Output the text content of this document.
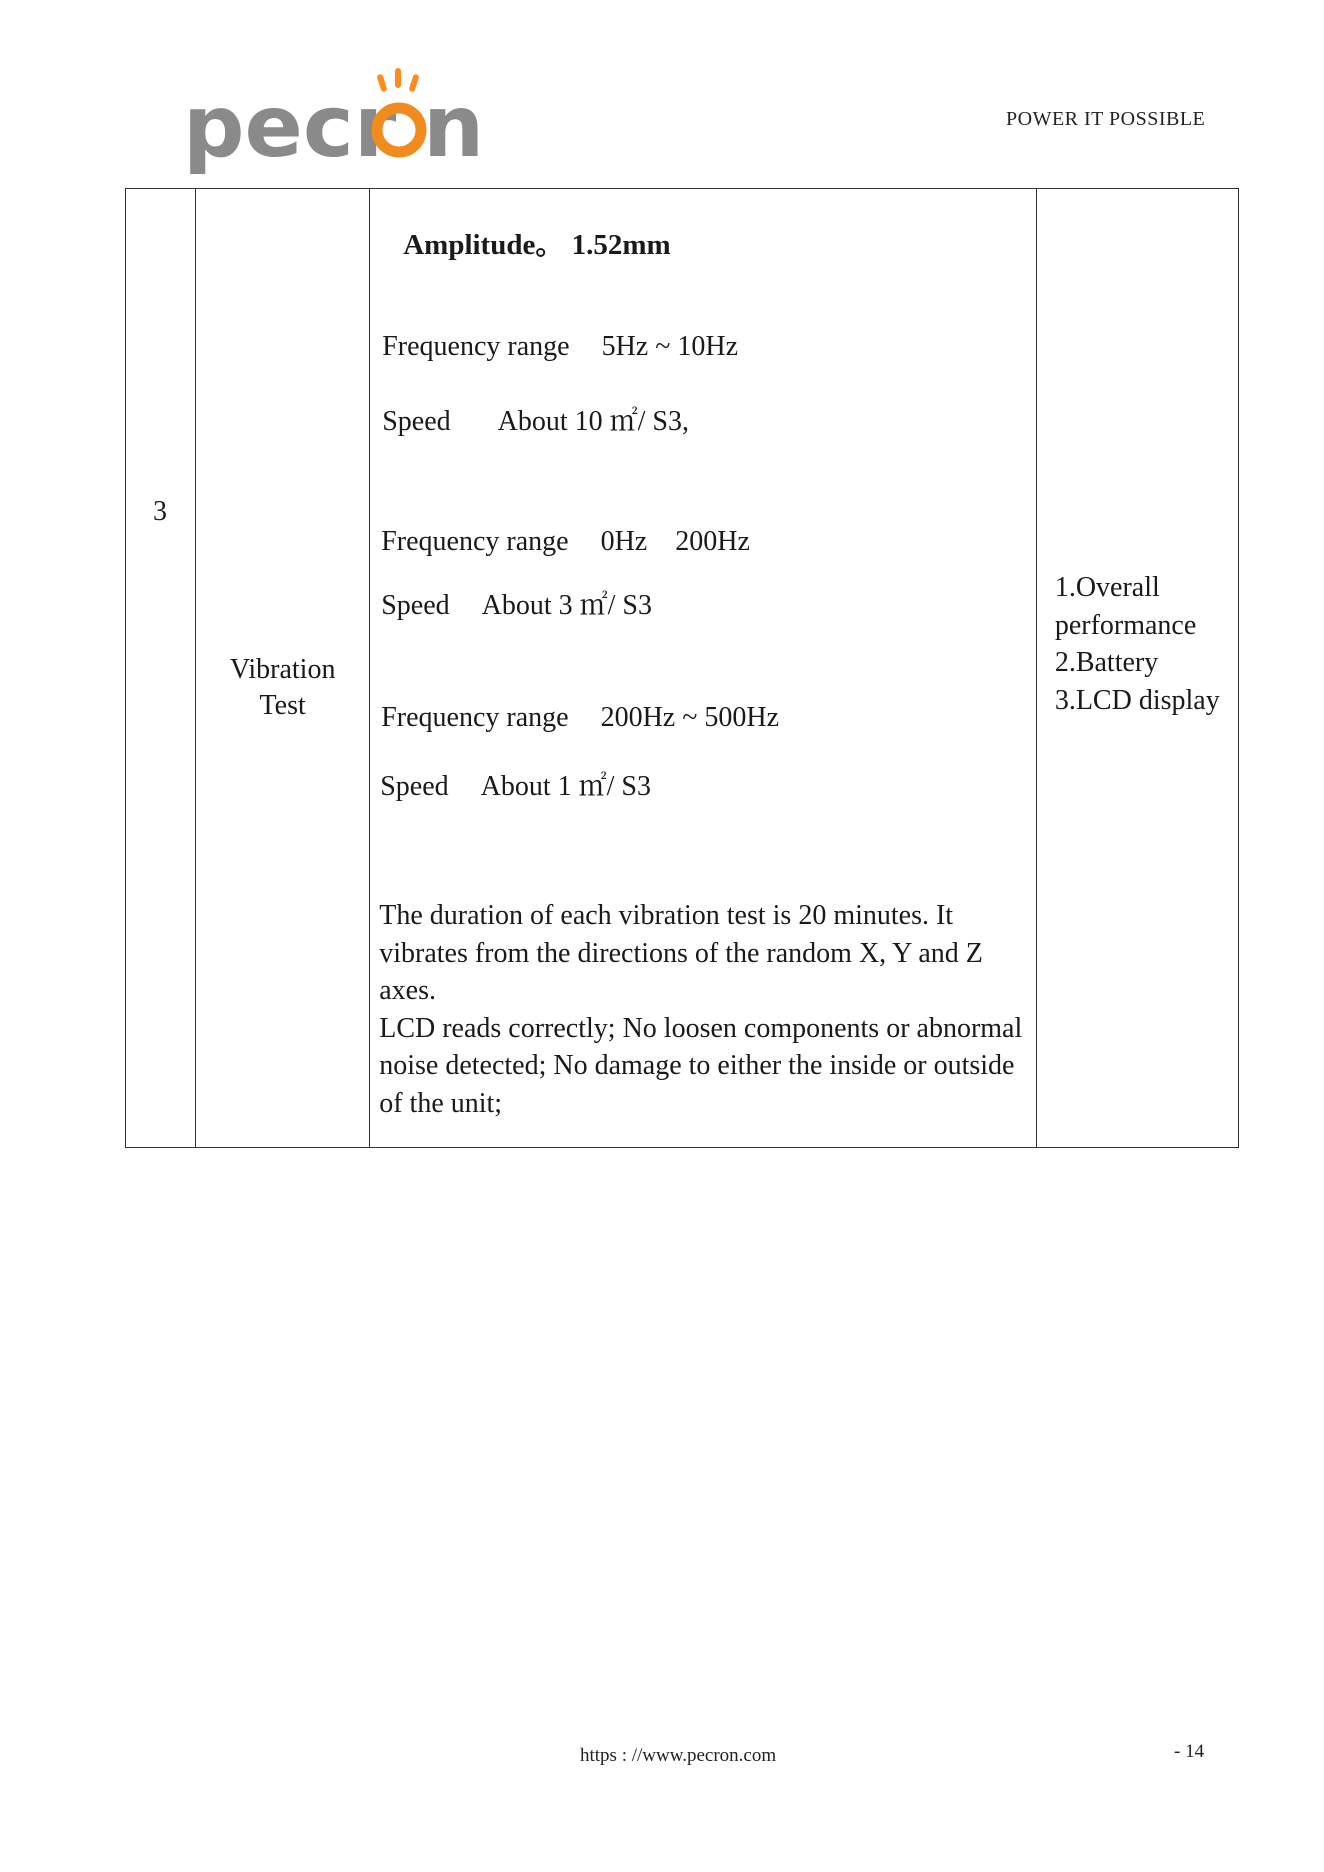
pecr n	POWER IT POSSIBLE
3

Vibration Test

Amplitude。 1.52mm
Frequency range 5Hz ~ 10Hz
Speed About 10 ㎡/ S3,
Frequency range 0Hz    200Hz
Speed About 3 ㎡/ S3
Frequency range 200Hz ~ 500Hz
Speed About 1 ㎡/ S3

The duration of each vibration test is 20 minutes. It vibrates from the directions of the random X, Y and Z axes.

LCD reads correctly; No loosen components or abnormal noise detected; No damage to either the inside or outside of the unit;

1.Overall performance
2.Battery
3.LCD display
https : //www.pecron.com	- 14
